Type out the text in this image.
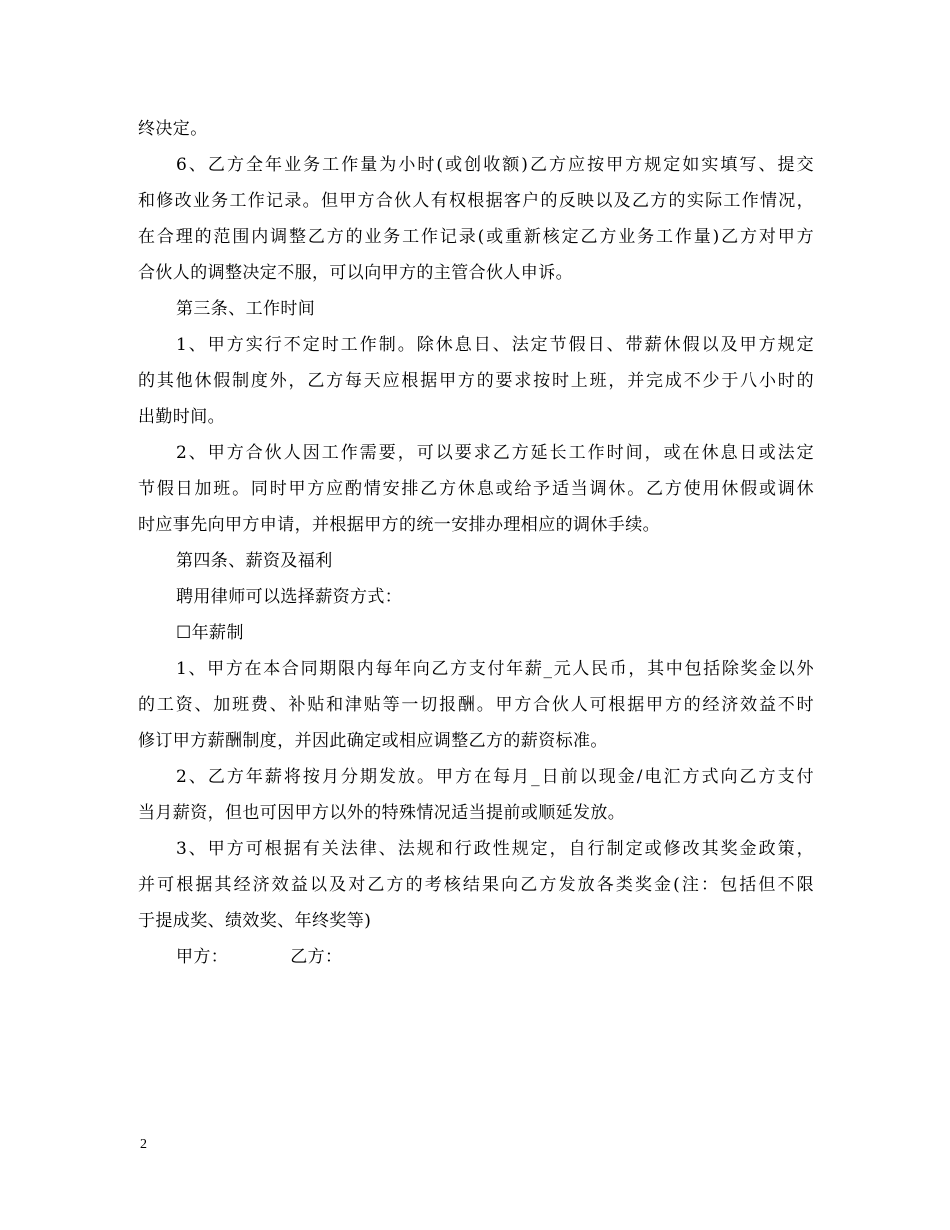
终决定。
6、乙方全年业务工作量为小时(或创收额)乙方应按甲方规定如实填写、提交
和修改业务工作记录。但甲方合伙人有权根据客户的反映以及乙方的实际工作情况，
在合理的范围内调整乙方的业务工作记录(或重新核定乙方业务工作量)乙方对甲方
合伙人的调整决定不服，可以向甲方的主管合伙人申诉。
第三条、工作时间
1、甲方实行不定时工作制。除休息日、法定节假日、带薪休假以及甲方规定
的其他休假制度外，乙方每天应根据甲方的要求按时上班，并完成不少于八小时的
出勤时间。
2、甲方合伙人因工作需要，可以要求乙方延长工作时间，或在休息日或法定
节假日加班。同时甲方应酌情安排乙方休息或给予适当调休。乙方使用休假或调休
时应事先向甲方申请，并根据甲方的统一安排办理相应的调休手续。
第四条、薪资及福利
聘用律师可以选择薪资方式：
☐年薪制
1、甲方在本合同期限内每年向乙方支付年薪_元人民币，其中包括除奖金以外
的工资、加班费、补贴和津贴等一切报酬。甲方合伙人可根据甲方的经济效益不时
修订甲方薪酬制度，并因此确定或相应调整乙方的薪资标准。
2、乙方年薪将按月分期发放。甲方在每月_日前以现金/电汇方式向乙方支付
当月薪资，但也可因甲方以外的特殊情况适当提前或顺延发放。
3、甲方可根据有关法律、法规和行政性规定，自行制定或修改其奖金政策，
并可根据其经济效益以及对乙方的考核结果向乙方发放各类奖金(注：包括但不限
于提成奖、绩效奖、年终奖等)
甲方：	乙方：
2
